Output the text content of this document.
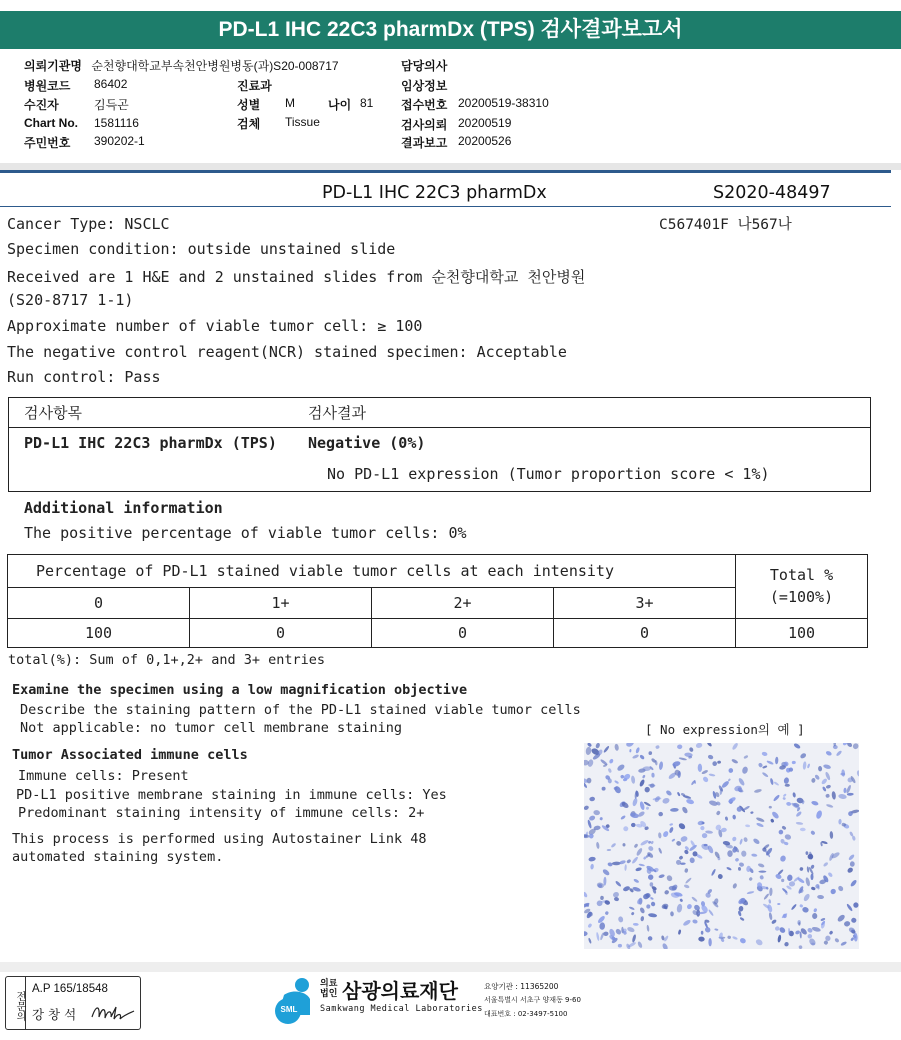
PD-L1 IHC 22C3 pharmDx (TPS) 검사결과보고서
의뢰기관명 순천향대학교부속천안병원병동(과)S20-008717
병원코드 86402
수진자	김득곤
Chart No. 1581116
주민번호 390202-1
진료과
성별 M	나이 81
검체 Tissue
담당의사
임상정보
접수번호 20200519-38310
검사의뢰 20200519
결과보고 20200526
PD-L1 IHC 22C3 pharmDx	S2020-48497
C567401F 나567나
Cancer Type: NSCLC
Specimen condition: outside unstained slide
Received are 1 H&E and 2 unstained slides from 순천향대학교 천안병원
(S20-8717 1-1)
Approximate number of viable tumor cell: ≥ 100
The negative control reagent(NCR) stained specimen: Acceptable
Run control: Pass
검사항목	검사결과
PD-L1 IHC 22C3 pharmDx (TPS) Negative (0%)
No PD-L1 expression (Tumor proportion score < 1%)
Additional information
The positive percentage of viable tumor cells: 0%
Percentage of PD-L1 stained viable tumor cells at each intensity	Total %
(=100%)
0	1+	2+	3+
100	0	0	0	100
total(%): Sum of 0,1+,2+ and 3+ entries
Examine the specimen using a low magnification objective
Describe the staining pattern of the PD-L1 stained viable tumor cells
Not applicable: no tumor cell membrane staining	[ No expression의 예 ]
Tumor Associated immune cells
Immune cells: Present
PD-L1 positive membrane staining in immune cells: Yes
Predominant staining intensity of immune cells: 2+
This process is performed using Autostainer Link 48
automated staining system.
전문의
A.P 165/18548
강 창 석	SML
의료
법인 삼광의료재단
Samkwang Medical Laboratories
요양기관 : 11365200
서울특별시 서초구 양재동 9-60
대표번호 : 02-3497-5100
